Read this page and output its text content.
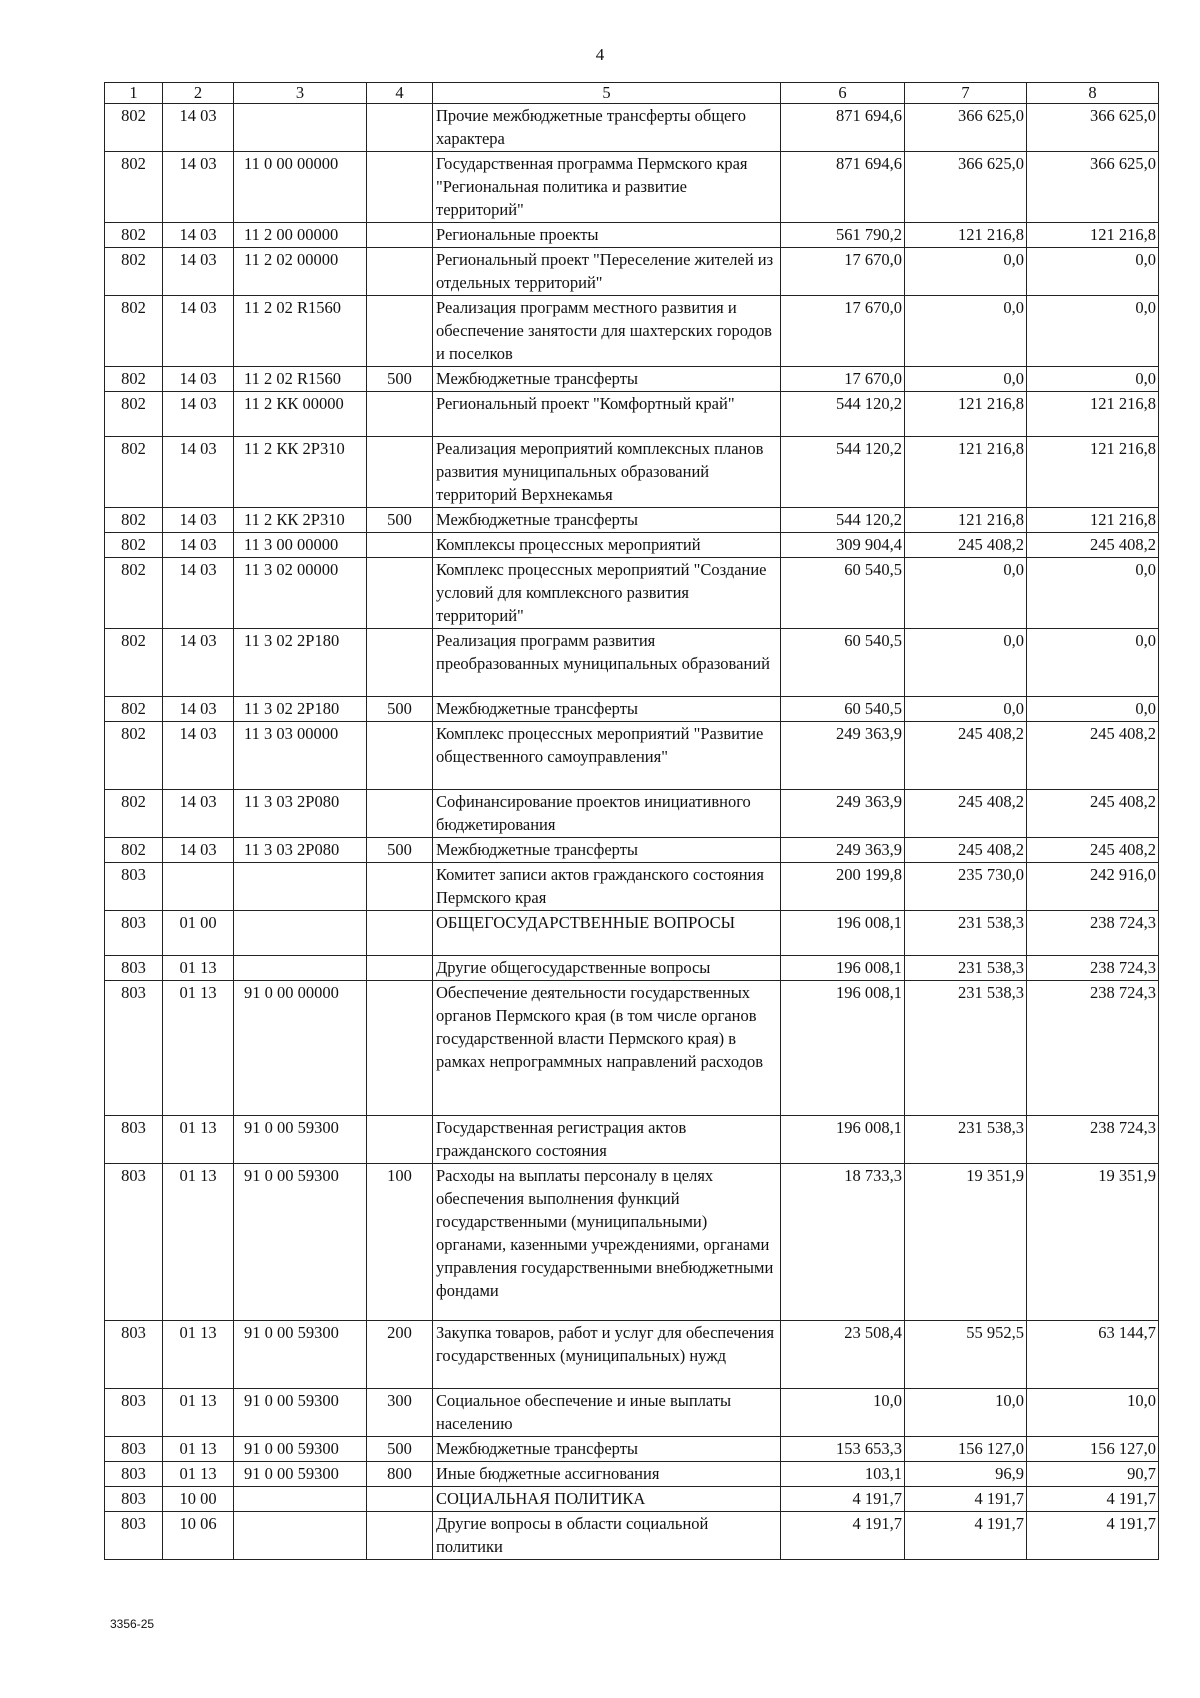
4
1	2	3	4	5	6	7	8
802	14 03			Прочие межбюджетные трансферты общего характера	871 694,6	366 625,0	366 625,0
802	14 03	11 0 00 00000		Государственная программа Пермского края "Региональная политика и развитие территорий"	871 694,6	366 625,0	366 625,0
802	14 03	11 2 00 00000		Региональные проекты	561 790,2	121 216,8	121 216,8
802	14 03	11 2 02 00000		Региональный проект "Переселение жителей из отдельных территорий"	17 670,0	0,0	0,0
802	14 03	11 2 02 R1560		Реализация программ местного развития и обеспечение занятости для шахтерских городов и поселков	17 670,0	0,0	0,0
802	14 03	11 2 02 R1560	500	Межбюджетные трансферты	17 670,0	0,0	0,0
802	14 03	11 2 КК 00000		Региональный проект "Комфортный край"	544 120,2	121 216,8	121 216,8
802	14 03	11 2 КК 2Р310		Реализация мероприятий комплексных планов развития муниципальных образований территорий Верхнекамья	544 120,2	121 216,8	121 216,8
802	14 03	11 2 КК 2Р310	500	Межбюджетные трансферты	544 120,2	121 216,8	121 216,8
802	14 03	11 3 00 00000		Комплексы процессных мероприятий	309 904,4	245 408,2	245 408,2
802	14 03	11 3 02 00000		Комплекс процессных мероприятий "Создание условий для комплексного развития территорий"	60 540,5	0,0	0,0
802	14 03	11 3 02 2Р180		Реализация программ развития преобразованных муниципальных образований	60 540,5	0,0	0,0
802	14 03	11 3 02 2Р180	500	Межбюджетные трансферты	60 540,5	0,0	0,0
802	14 03	11 3 03 00000		Комплекс процессных мероприятий "Развитие общественного самоуправления"	249 363,9	245 408,2	245 408,2
802	14 03	11 3 03 2Р080		Софинансирование проектов инициативного бюджетирования	249 363,9	245 408,2	245 408,2
802	14 03	11 3 03 2Р080	500	Межбюджетные трансферты	249 363,9	245 408,2	245 408,2
803				Комитет записи актов гражданского состояния Пермского края	200 199,8	235 730,0	242 916,0
803	01 00			ОБЩЕГОСУДАРСТВЕННЫЕ ВОПРОСЫ	196 008,1	231 538,3	238 724,3
803	01 13			Другие общегосударственные вопросы	196 008,1	231 538,3	238 724,3
803	01 13	91 0 00 00000		Обеспечение деятельности государственных органов Пермского края (в том числе органов государственной власти Пермского края) в рамках непрограммных направлений расходов	196 008,1	231 538,3	238 724,3
803	01 13	91 0 00 59300		Государственная регистрация актов гражданского состояния	196 008,1	231 538,3	238 724,3
803	01 13	91 0 00 59300	100	Расходы на выплаты персоналу в целях обеспечения выполнения функций государственными (муниципальными) органами, казенными учреждениями, органами управления государственными внебюджетными фондами	18 733,3	19 351,9	19 351,9
803	01 13	91 0 00 59300	200	Закупка товаров, работ и услуг для обеспечения государственных (муниципальных) нужд	23 508,4	55 952,5	63 144,7
803	01 13	91 0 00 59300	300	Социальное обеспечение и иные выплаты населению	10,0	10,0	10,0
803	01 13	91 0 00 59300	500	Межбюджетные трансферты	153 653,3	156 127,0	156 127,0
803	01 13	91 0 00 59300	800	Иные бюджетные ассигнования	103,1	96,9	90,7
803	10 00			СОЦИАЛЬНАЯ ПОЛИТИКА	4 191,7	4 191,7	4 191,7
803	10 06			Другие вопросы в области социальной политики	4 191,7	4 191,7	4 191,7
3356-25
